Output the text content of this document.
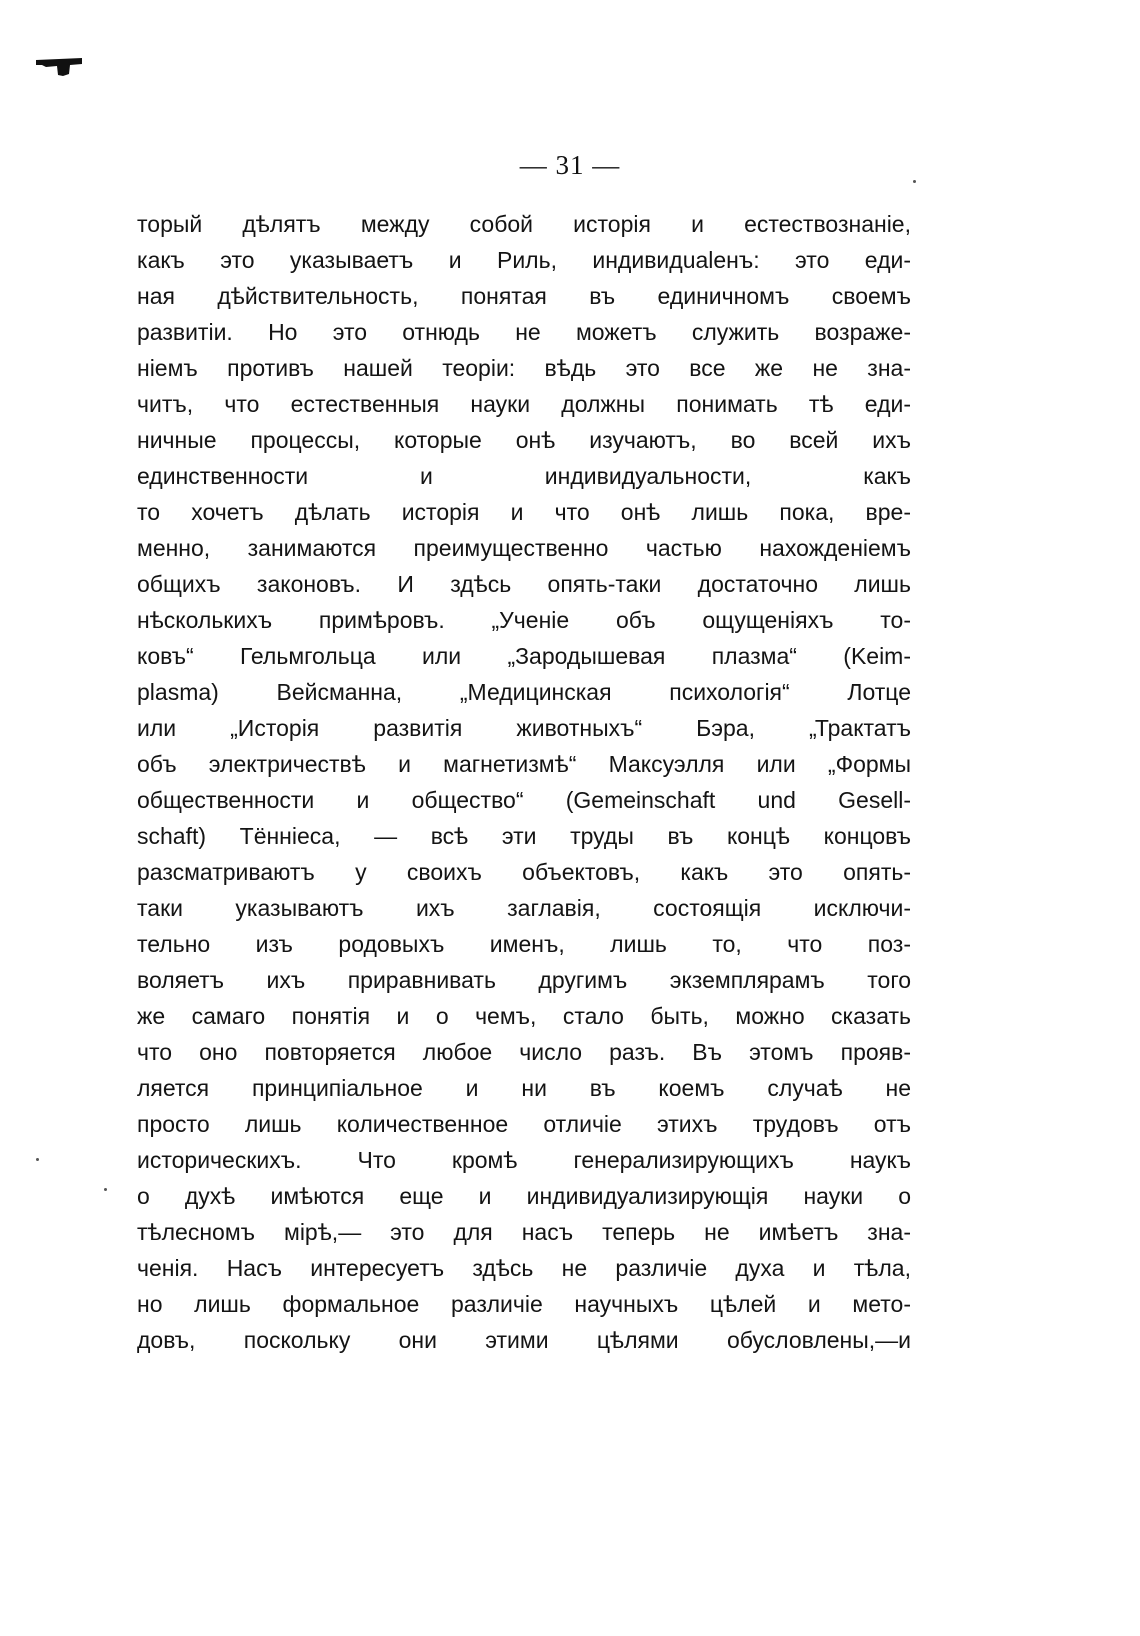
— 31 —
торый дѣлятъ между собой исторія и естествознаніе,
какъ это указываетъ и Риль, индивидualенъ: это еди-
ная дѣйствительность, понятая въ единичномъ своемъ
развитіи. Но это отнюдь не можетъ служить возраже-
ніемъ противъ нашей теоріи: вѣдь это все же не зна-
читъ, что естественныя науки должны понимать тѣ еди-
ничные процессы, которые онѣ изучаютъ, во всей ихъ
единственности и индивидуальности, какъ
то хочетъ дѣлать исторія и что онѣ лишь пока, вре-
менно, занимаются преимущественно частью нахожденіемъ
общихъ законовъ. И здѣсь опять-таки достаточно лишь
нѣсколькихъ примѣровъ. „Ученіе объ ощущеніяхъ то-
ковъ“ Гельмгольца или „Зародышевая плазма“ (Keim-
plasma) Вейсманна, „Медицинская психологія“ Лотце
или „Исторія развитія животныхъ“ Бэра, „Трактатъ
объ электричествѣ и магнетизмѣ“ Максуэлля или „Формы
общественности и общество“ (Gemeinschaft und Gesell-
schaft) Тённіеса, — всѣ эти труды въ концѣ концовъ
разсматриваютъ у своихъ объектовъ, какъ это опять-
таки указываютъ ихъ заглавія, состоящія исключи-
тельно изъ родовыхъ именъ, лишь то, что поз-
воляетъ ихъ приравнивать другимъ экземплярамъ того
же самаго понятія и о чемъ, стало быть, можно сказать
что оно повторяется любое число разъ. Въ этомъ прояв-
ляется принципіальное и ни въ коемъ случаѣ не
просто лишь количественное отличіе этихъ трудовъ отъ
историческихъ. Что кромѣ генерализирующихъ наукъ
о духѣ имѣются еще и индивидуализирующія науки о
тѣлесномъ мірѣ,— это для насъ теперь не имѣетъ зна-
ченія. Насъ интересуетъ здѣсь не различіе духа и тѣла,
но лишь формальное различіе научныхъ цѣлей и мето-
довъ, поскольку они этими цѣлями обусловлены,—и
